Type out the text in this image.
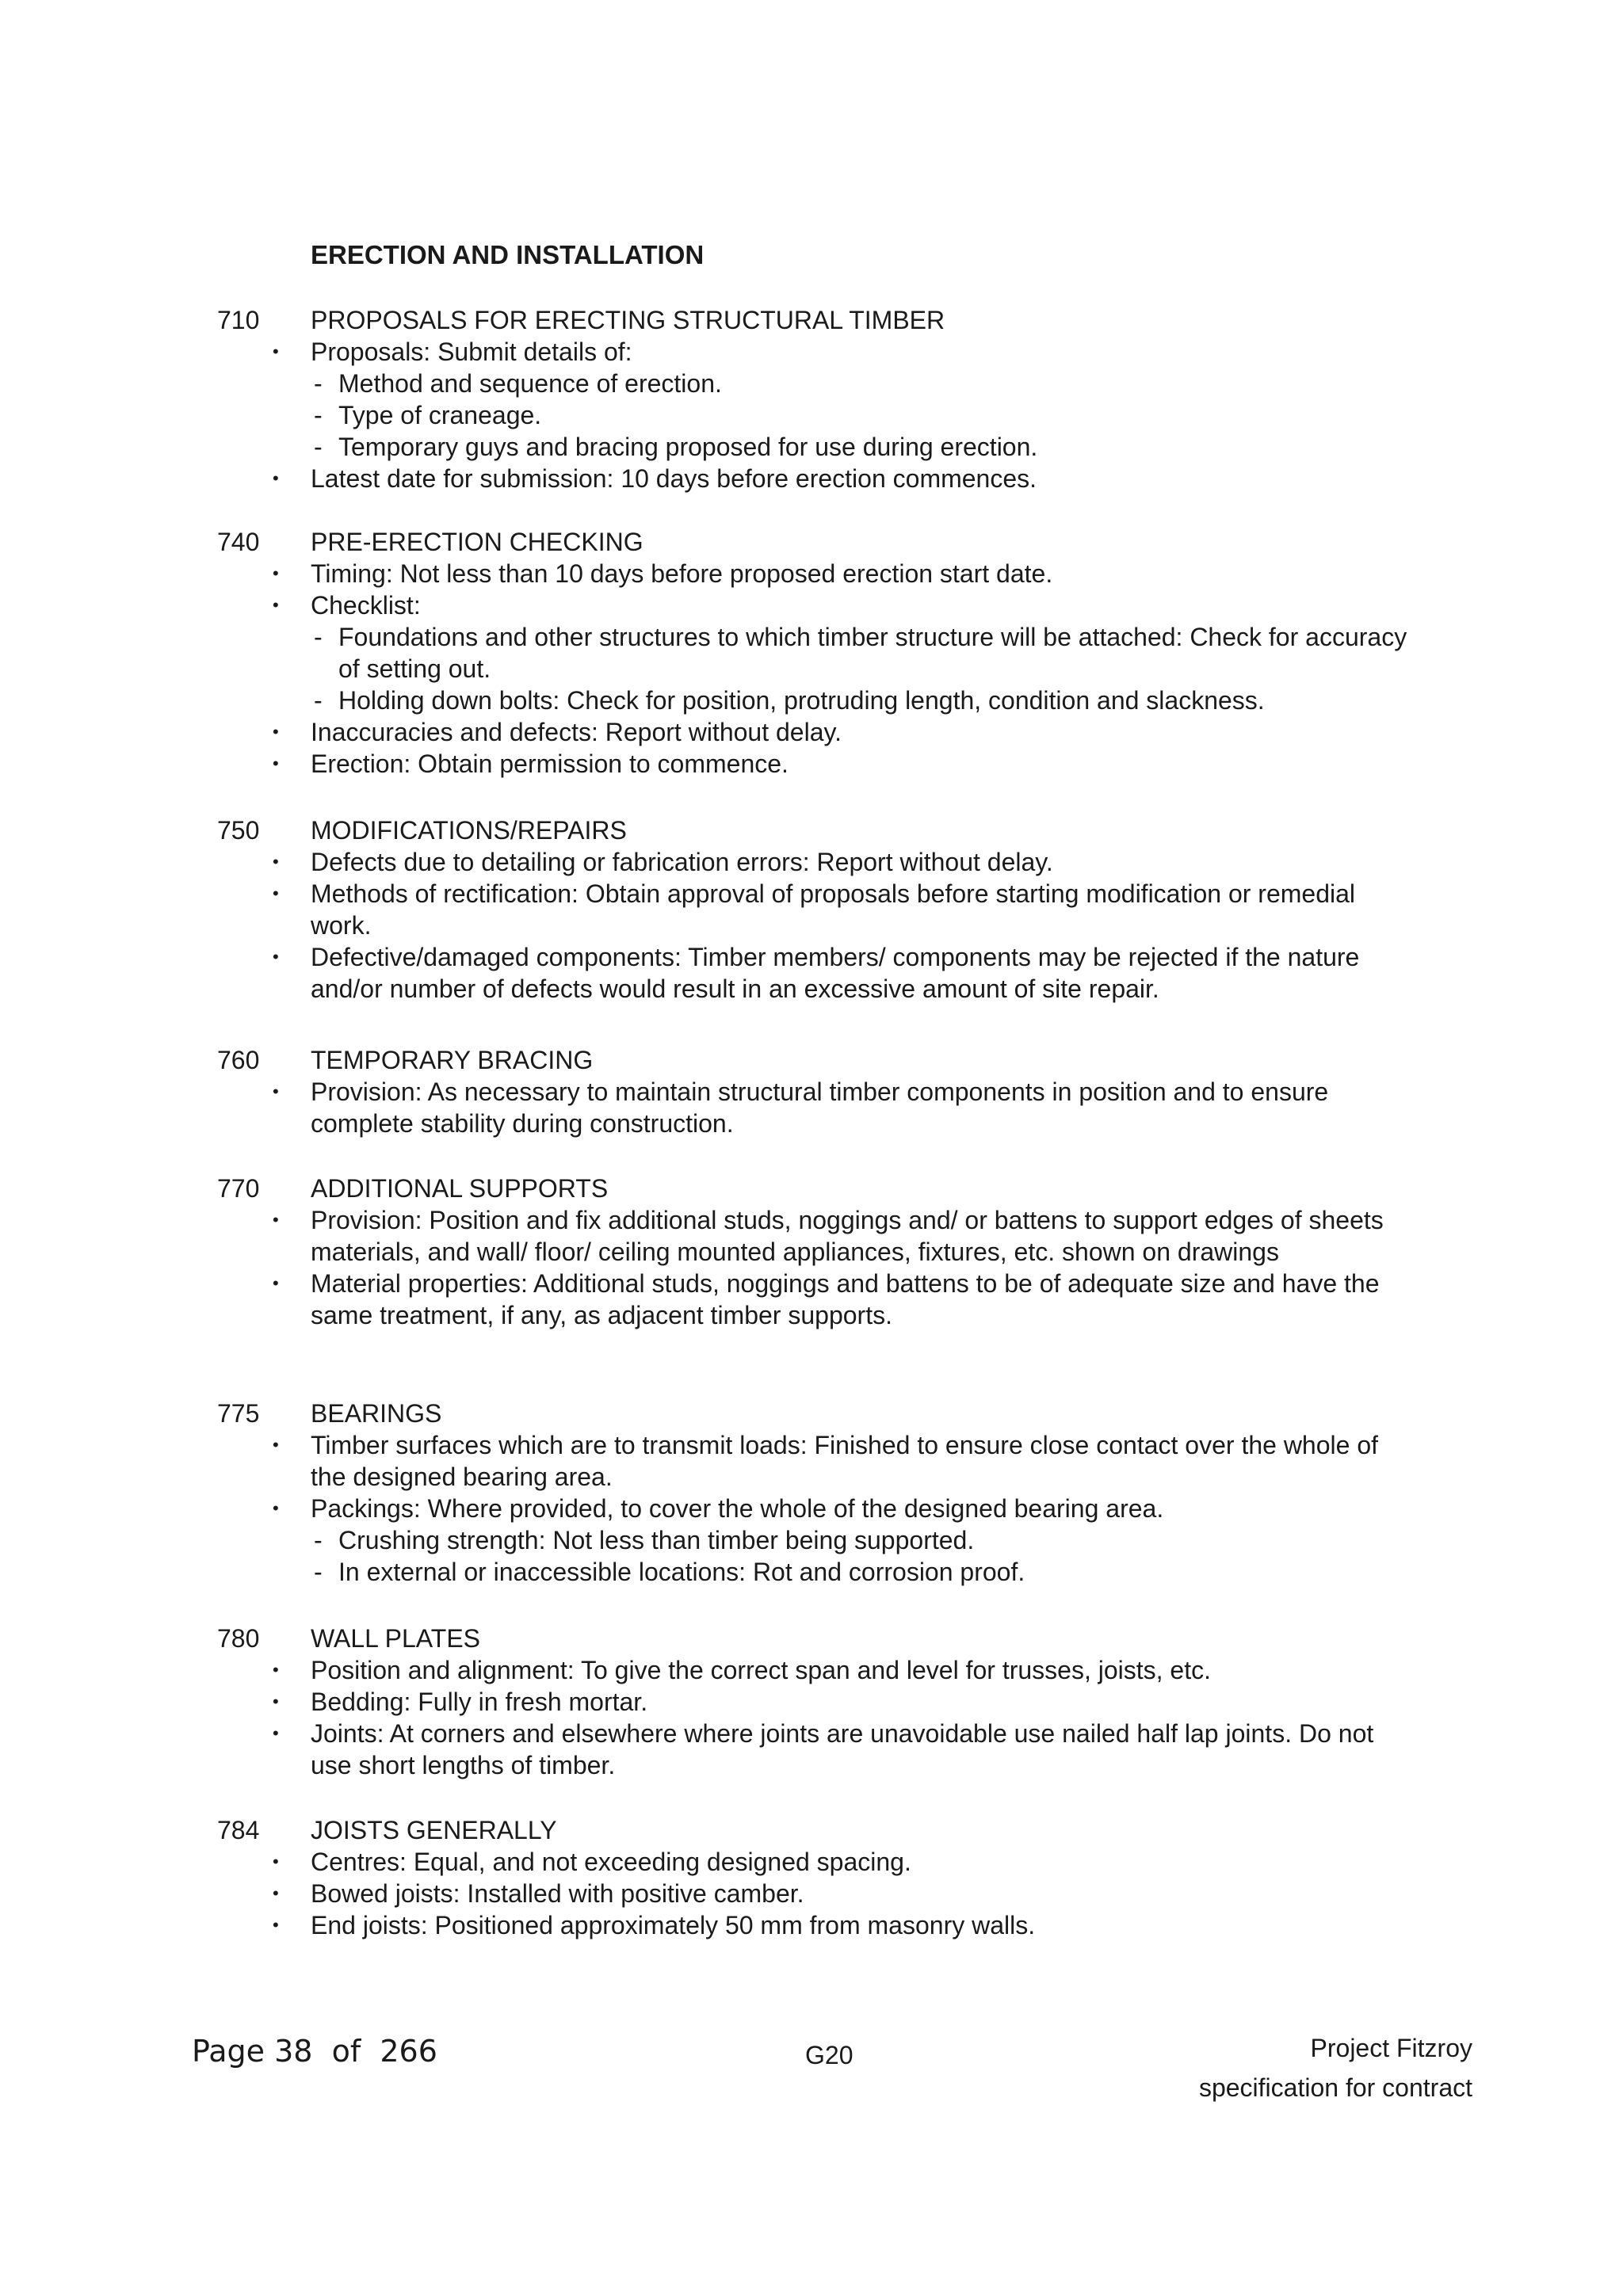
ERECTION AND INSTALLATION
710 PROPOSALS FOR ERECTING STRUCTURAL TIMBER
• Proposals: Submit details of:
- Method and sequence of erection.
- Type of craneage.
- Temporary guys and bracing proposed for use during erection.
• Latest date for submission: 10 days before erection commences.
740 PRE-ERECTION CHECKING
• Timing: Not less than 10 days before proposed erection start date.
• Checklist:
- Foundations and other structures to which timber structure will be attached: Check for accuracy of setting out.
- Holding down bolts: Check for position, protruding length, condition and slackness.
• Inaccuracies and defects: Report without delay.
• Erection: Obtain permission to commence.
750 MODIFICATIONS/REPAIRS
• Defects due to detailing or fabrication errors: Report without delay.
• Methods of rectification: Obtain approval of proposals before starting modification or remedial work.
• Defective/damaged components: Timber members/ components may be rejected if the nature and/or number of defects would result in an excessive amount of site repair.
760 TEMPORARY BRACING
• Provision: As necessary to maintain structural timber components in position and to ensure complete stability during construction.
770 ADDITIONAL SUPPORTS
• Provision: Position and fix additional studs, noggings and/ or battens to support edges of sheets materials, and wall/ floor/ ceiling mounted appliances, fixtures, etc. shown on drawings
• Material properties: Additional studs, noggings and battens to be of adequate size and have the same treatment, if any, as adjacent timber supports.
775 BEARINGS
• Timber surfaces which are to transmit loads: Finished to ensure close contact over the whole of the designed bearing area.
• Packings: Where provided, to cover the whole of the designed bearing area.
- Crushing strength: Not less than timber being supported.
- In external or inaccessible locations: Rot and corrosion proof.
780 WALL PLATES
• Position and alignment: To give the correct span and level for trusses, joists, etc.
• Bedding: Fully in fresh mortar.
• Joints: At corners and elsewhere where joints are unavoidable use nailed half lap joints. Do not use short lengths of timber.
784 JOISTS GENERALLY
• Centres: Equal, and not exceeding designed spacing.
• Bowed joists: Installed with positive camber.
• End joists: Positioned approximately 50 mm from masonry walls.
Page 38  of  266	G20	Project Fitzroy
specification for contract
